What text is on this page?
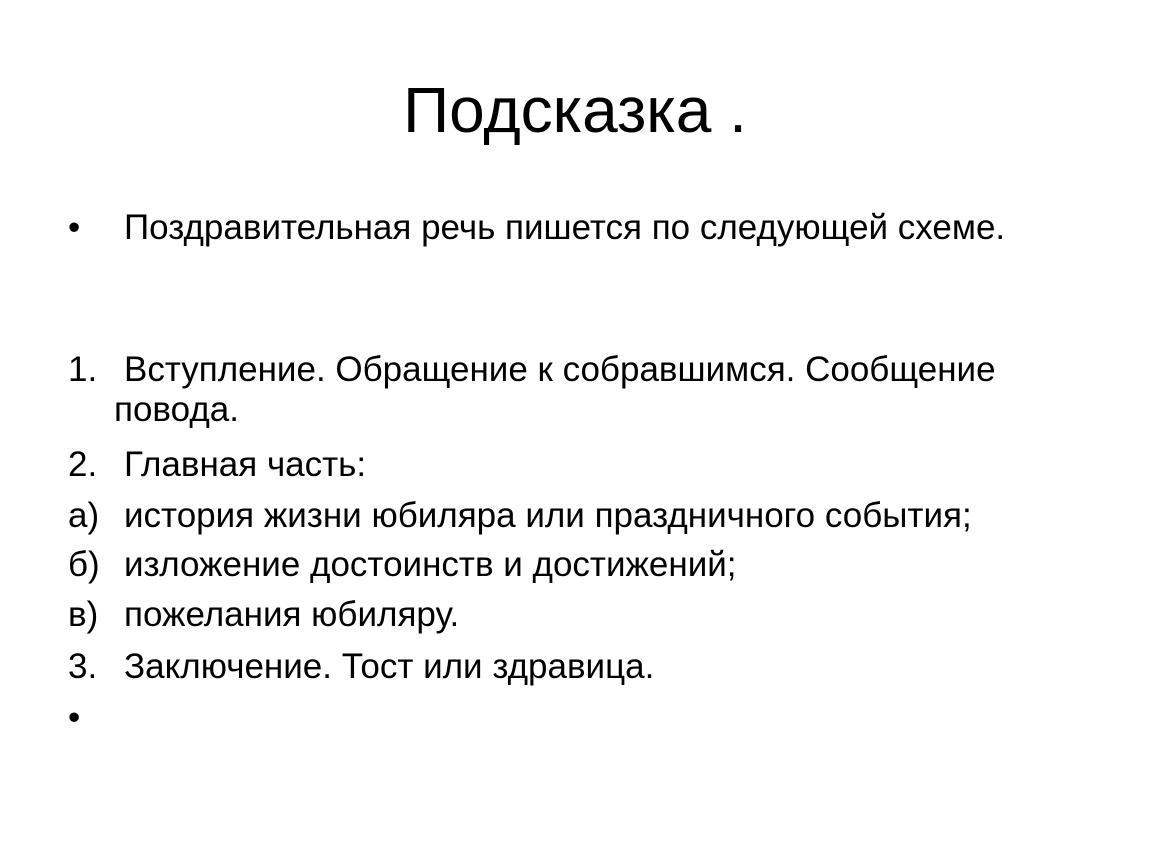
Подсказка .
• Поздравительная речь пишется по следующей схеме.
1. Вступление. Обращение к собравшимся. Сообщение повода.
2. Главная часть:
а) история жизни юбиляра или праздничного события;
б) изложение достоинств и достижений;
в) пожелания юбиляру.
3. Заключение. Тост или здравица.
•
